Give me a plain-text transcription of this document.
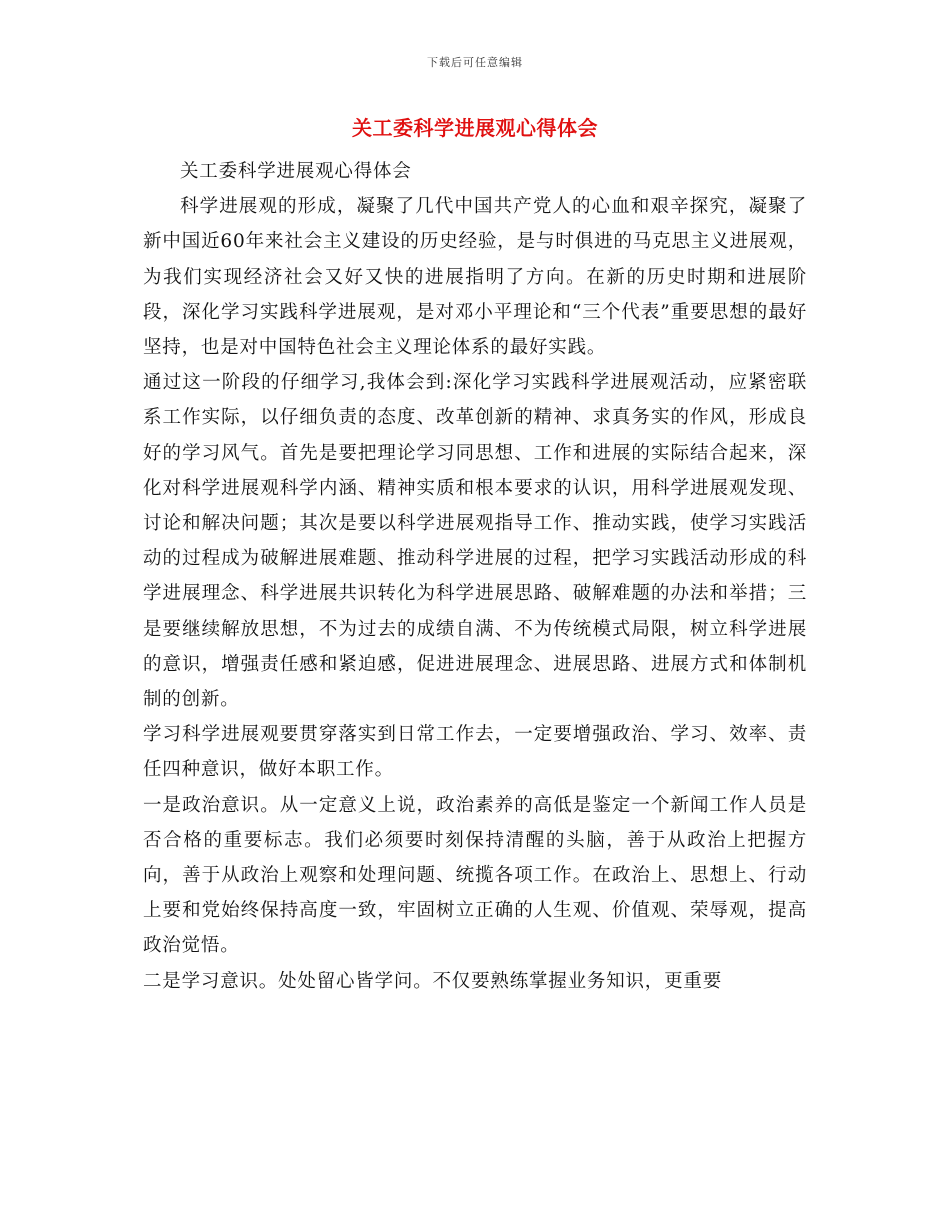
下载后可任意编辑
关工委科学进展观心得体会

关工委科学进展观心得体会

科学进展观的形成，凝聚了几代中国共产党人的心血和艰辛探究，凝聚了新中国近60年来社会主义建设的历史经验，是与时俱进的马克思主义进展观，为我们实现经济社会又好又快的进展指明了方向。在新的历史时期和进展阶段，深化学习实践科学进展观，是对邓小平理论和“三个代表”重要思想的最好坚持，也是对中国特色社会主义理论体系的最好实践。

通过这一阶段的仔细学习,我体会到:深化学习实践科学进展观活动，应紧密联系工作实际，以仔细负责的态度、改革创新的精神、求真务实的作风，形成良好的学习风气。首先是要把理论学习同思想、工作和进展的实际结合起来，深化对科学进展观科学内涵、精神实质和根本要求的认识，用科学进展观发现、讨论和解决问题；其次是要以科学进展观指导工作、推动实践，使学习实践活动的过程成为破解进展难题、推动科学进展的过程，把学习实践活动形成的科学进展理念、科学进展共识转化为科学进展思路、破解难题的办法和举措；三是要继续解放思想，不为过去的成绩自满、不为传统模式局限，树立科学进展的意识，增强责任感和紧迫感，促进进展理念、进展思路、进展方式和体制机制的创新。

学习科学进展观要贯穿落实到日常工作去，一定要增强政治、学习、效率、责任四种意识，做好本职工作。

一是政治意识。从一定意义上说，政治素养的高低是鉴定一个新闻工作人员是否合格的重要标志。我们必须要时刻保持清醒的头脑，善于从政治上把握方向，善于从政治上观察和处理问题、统揽各项工作。在政治上、思想上、行动上要和党始终保持高度一致，牢固树立正确的人生观、价值观、荣辱观，提高政治觉悟。

二是学习意识。处处留心皆学问。不仅要熟练掌握业务知识，更重要
